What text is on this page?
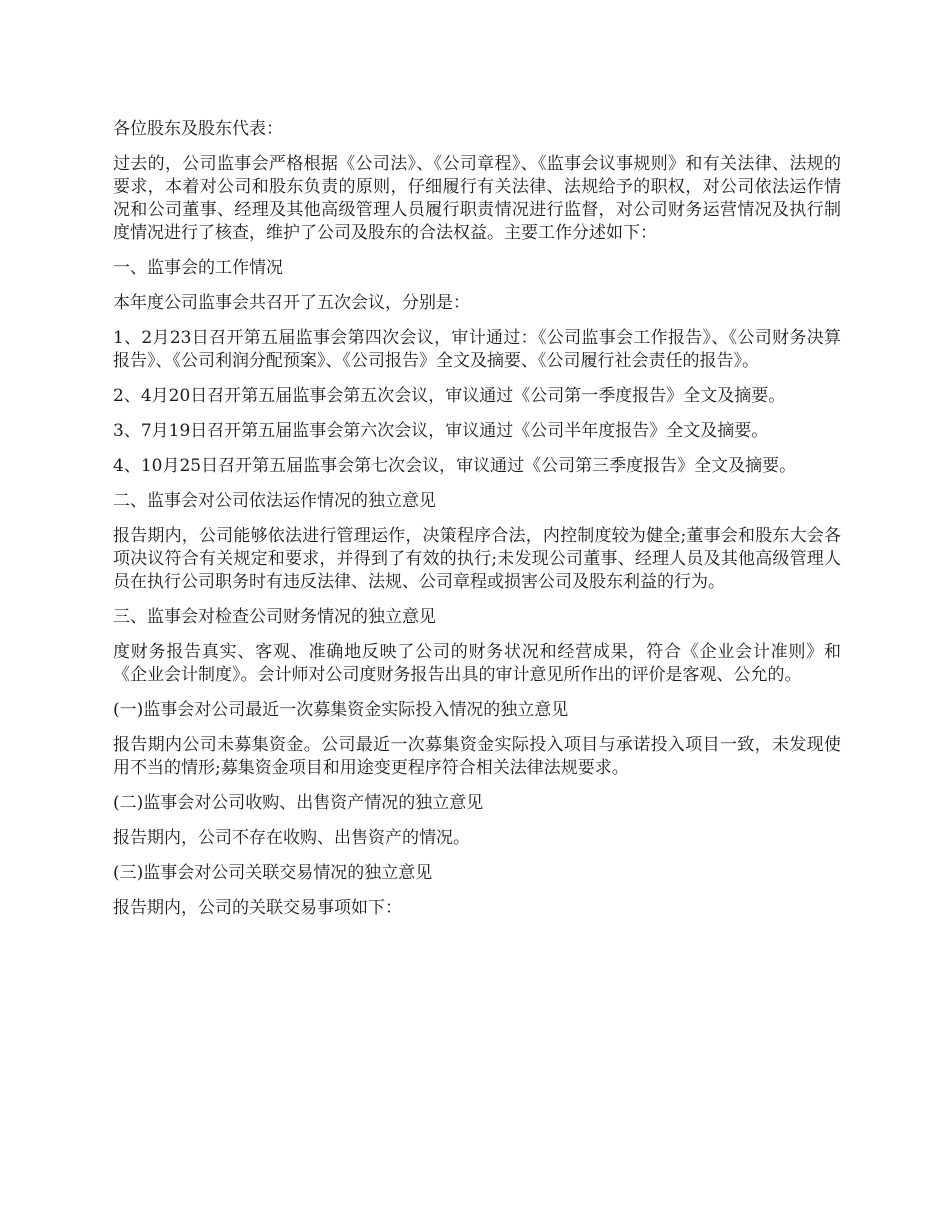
各位股东及股东代表：

过去的，公司监事会严格根据《公司法》、《公司章程》、《监事会议事规则》和有关法律、法规的要求，本着对公司和股东负责的原则，仔细履行有关法律、法规给予的职权，对公司依法运作情况和公司董事、经理及其他高级管理人员履行职责情况进行监督，对公司财务运营情况及执行制度情况进行了核查，维护了公司及股东的合法权益。主要工作分述如下：

一、监事会的工作情况

本年度公司监事会共召开了五次会议，分别是：

1、2月23日召开第五届监事会第四次会议，审计通过：《公司监事会工作报告》、《公司财务决算报告》、《公司利润分配预案》、《公司报告》全文及摘要、《公司履行社会责任的报告》。

2、4月20日召开第五届监事会第五次会议，审议通过《公司第一季度报告》全文及摘要。

3、7月19日召开第五届监事会第六次会议，审议通过《公司半年度报告》全文及摘要。

4、10月25日召开第五届监事会第七次会议，审议通过《公司第三季度报告》全文及摘要。

二、监事会对公司依法运作情况的独立意见

报告期内，公司能够依法进行管理运作，决策程序合法，内控制度较为健全;董事会和股东大会各项决议符合有关规定和要求，并得到了有效的执行;未发现公司董事、经理人员及其他高级管理人员在执行公司职务时有违反法律、法规、公司章程或损害公司及股东利益的行为。

三、监事会对检查公司财务情况的独立意见

度财务报告真实、客观、准确地反映了公司的财务状况和经营成果，符合《企业会计准则》和《企业会计制度》。会计师对公司度财务报告出具的审计意见所作出的评价是客观、公允的。

(一)监事会对公司最近一次募集资金实际投入情况的独立意见

报告期内公司未募集资金。公司最近一次募集资金实际投入项目与承诺投入项目一致，未发现使用不当的情形;募集资金项目和用途变更程序符合相关法律法规要求。

(二)监事会对公司收购、出售资产情况的独立意见

报告期内，公司不存在收购、出售资产的情况。

(三)监事会对公司关联交易情况的独立意见

报告期内，公司的关联交易事项如下：
